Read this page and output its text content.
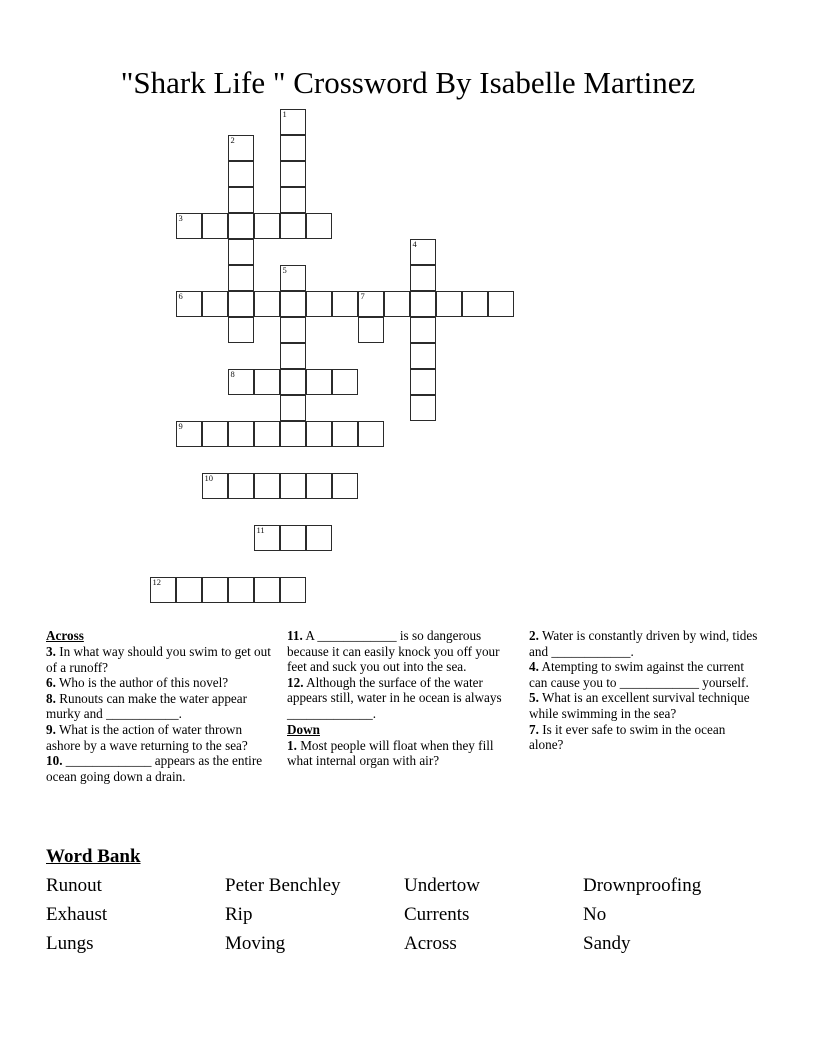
"Shark Life " Crossword By Isabelle Martinez
1
2
3
4
5
6	7
8
9
10
11
12
Across
3. In what way should you swim to get out of a runoff?
6. Who is the author of this novel?
8. Runouts can make the water appear murky and ___________.
9. What is the action of water thrown ashore by a wave returning to the sea?
10. _____________ appears as the entire ocean going down a drain.
11. A ____________ is so dangerous because it can easily knock you off your feet and suck you out into the sea.
12. Although the surface of the water appears still, water in he ocean is always _____________.
Down
1. Most people will float when they fill what internal organ with air?
2. Water is constantly driven by wind, tides and ____________.
4. Atempting to swim against the current can cause you to ____________ yourself.
5. What is an excellent survival technique while swimming in the sea?
7. Is it ever safe to swim in the ocean alone?
Word Bank
Runout	Peter Benchley	Undertow	Drownproofing
Exhaust	Rip	Currents	No
Lungs	Moving	Across	Sandy
